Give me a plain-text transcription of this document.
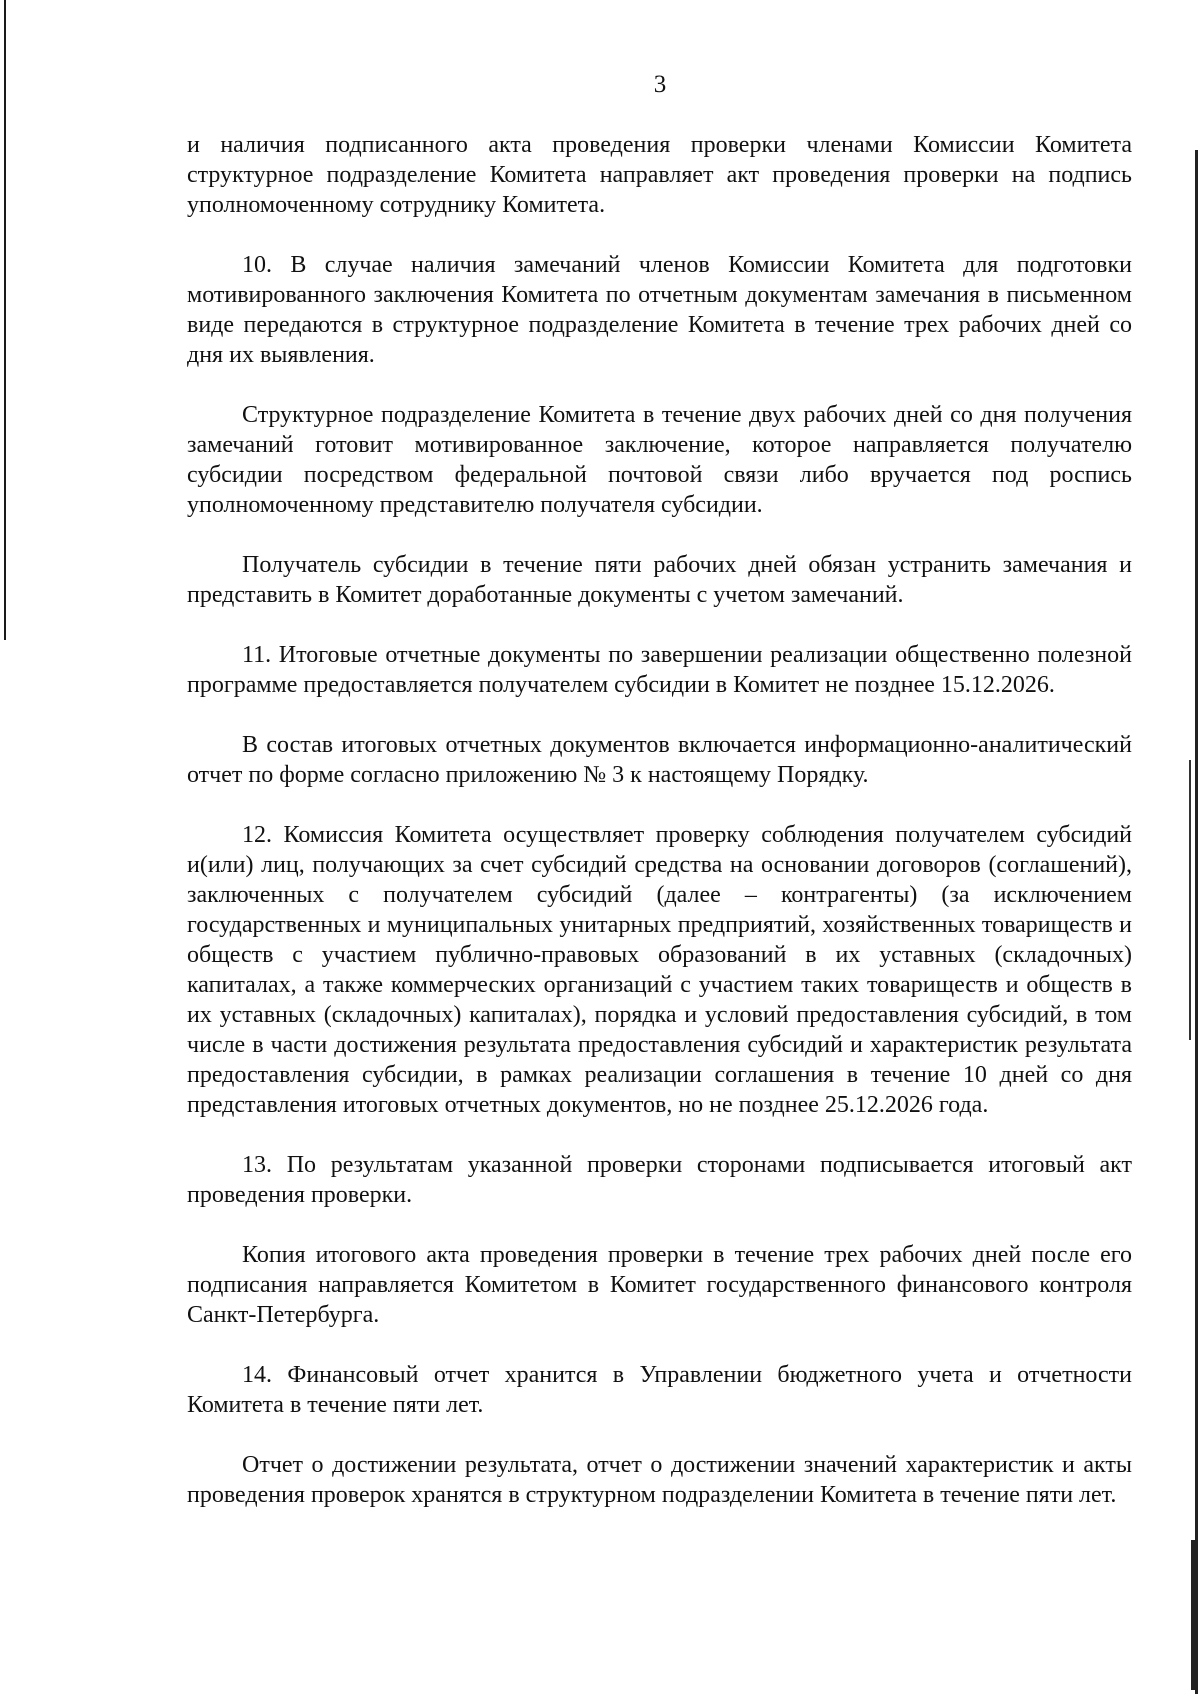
3

и наличия подписанного акта проведения проверки членами Комиссии Комитета структурное подразделение Комитета направляет акт проведения проверки на подпись уполномоченному сотруднику Комитета.

10. В случае наличия замечаний членов Комиссии Комитета для подготовки мотивированного заключения Комитета по отчетным документам замечания в письменном виде передаются в структурное подразделение Комитета в течение трех рабочих дней со дня их выявления.

Структурное подразделение Комитета в течение двух рабочих дней со дня получения замечаний готовит мотивированное заключение, которое направляется получателю субсидии посредством федеральной почтовой связи либо вручается под роспись уполномоченному представителю получателя субсидии.

Получатель субсидии в течение пяти рабочих дней обязан устранить замечания и представить в Комитет доработанные документы с учетом замечаний.

11. Итоговые отчетные документы по завершении реализации общественно полезной программе предоставляется получателем субсидии в Комитет не позднее 15.12.2026.

В состав итоговых отчетных документов включается информационно-аналитический отчет по форме согласно приложению № 3 к настоящему Порядку.

12. Комиссия Комитета осуществляет проверку соблюдения получателем субсидий и(или) лиц, получающих за счет субсидий средства на основании договоров (соглашений), заключенных с получателем субсидий (далее – контрагенты) (за исключением государственных и муниципальных унитарных предприятий, хозяйственных товариществ и обществ с участием публично-правовых образований в их уставных (складочных) капиталах, а также коммерческих организаций с участием таких товариществ и обществ в их уставных (складочных) капиталах), порядка и условий предоставления субсидий, в том числе в части достижения результата предоставления субсидий и характеристик результата предоставления субсидии, в рамках реализации соглашения в течение 10 дней со дня представления итоговых отчетных документов, но не позднее 25.12.2026 года.

13. По результатам указанной проверки сторонами подписывается итоговый акт проведения проверки.

Копия итогового акта проведения проверки в течение трех рабочих дней после его подписания направляется Комитетом в Комитет государственного финансового контроля Санкт-Петербурга.

14. Финансовый отчет хранится в Управлении бюджетного учета и отчетности Комитета в течение пяти лет.

Отчет о достижении результата, отчет о достижении значений характеристик и акты проведения проверок хранятся в структурном подразделении Комитета в течение пяти лет.
